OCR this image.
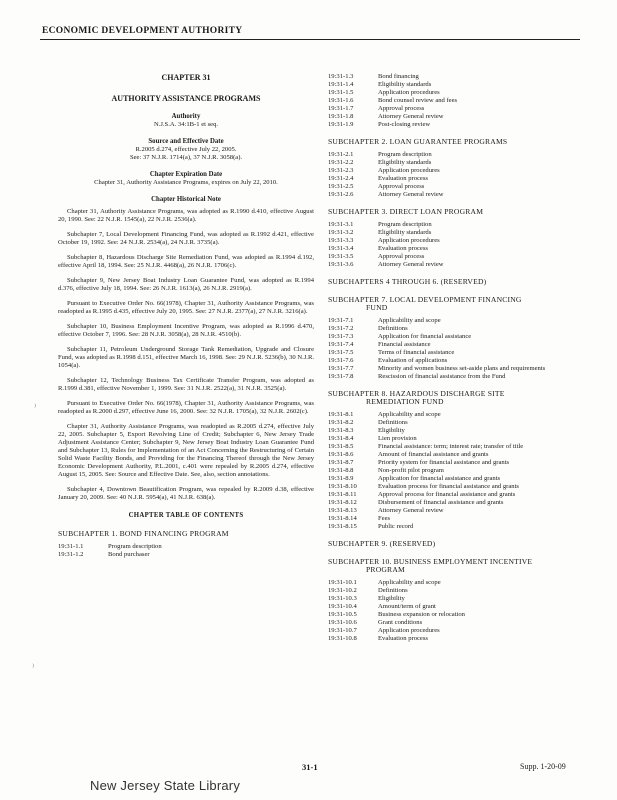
ECONOMIC DEVELOPMENT AUTHORITY
CHAPTER 31
AUTHORITY ASSISTANCE PROGRAMS
Authority
N.J.S.A. 34:1B-1 et seq.
Source and Effective Date
R.2005 d.274, effective July 22, 2005.
See: 37 N.J.R. 1714(a), 37 N.J.R. 3058(a).
Chapter Expiration Date
Chapter 31, Authority Assistance Programs, expires on July 22, 2010.
Chapter Historical Note

Chapter 31, Authority Assistance Programs, was adopted as R.1990 d.410, effective August 20, 1990. See: 22 N.J.R. 1545(a), 22 N.J.R. 2536(a).

Subchapter 7, Local Development Financing Fund, was adopted as R.1992 d.421, effective October 19, 1992. See: 24 N.J.R. 2534(a), 24 N.J.R. 3735(a).

Subchapter 8, Hazardous Discharge Site Remediation Fund, was adopted as R.1994 d.192, effective April 18, 1994. See: 25 N.J.R. 4468(a), 26 N.J.R. 1706(c).

Subchapter 9, New Jersey Boat Industry Loan Guarantee Fund, was adopted as R.1994 d.376, effective July 18, 1994. See: 26 N.J.R. 1613(a), 26 N.J.R. 2919(a).

Pursuant to Executive Order No. 66(1978), Chapter 31, Authority Assistance Programs, was readopted as R.1995 d.435, effective July 20, 1995. See: 27 N.J.R. 2377(a), 27 N.J.R. 3216(a).

Subchapter 10, Business Employment Incentive Program, was adopted as R.1996 d.470, effective October 7, 1996. See: 28 N.J.R. 3058(a), 28 N.J.R. 4510(b).

Subchapter 11, Petroleum Underground Storage Tank Remediation, Upgrade and Closure Fund, was adopted as R.1998 d.151, effective March 16, 1998. See: 29 N.J.R. 5236(b), 30 N.J.R. 1054(a).

Subchapter 12, Technology Business Tax Certificate Transfer Program, was adopted as R.1999 d.381, effective November 1, 1999. See: 31 N.J.R. 2522(a), 31 N.J.R. 3525(a).

Pursuant to Executive Order No. 66(1978), Chapter 31, Authority Assistance Programs, was readopted as R.2000 d.297, effective June 16, 2000. See: 32 N.J.R. 1705(a), 32 N.J.R. 2602(c).

Chapter 31, Authority Assistance Programs, was readopted as R.2005 d.274, effective July 22, 2005. Subchapter 5, Export Revolving Line of Credit; Subchapter 6, New Jersey Trade Adjustment Assistance Center; Subchapter 9, New Jersey Boat Industry Loan Guarantee Fund and Subchapter 13, Rules for Implementation of an Act Concerning the Restructuring of Certain Solid Waste Facility Bonds, and Providing for the Financing Thereof through the New Jersey Economic Development Authority, P.L.2001, c.401 were repealed by R.2005 d.274, effective August 15, 2005. See: Source and Effective Date. See, also, section annotations.

Subchapter 4, Downtown Beautification Program, was repealed by R.2009 d.38, effective January 20, 2009. See: 40 N.J.R. 5954(a), 41 N.J.R. 638(a).

CHAPTER TABLE OF CONTENTS
SUBCHAPTER 1. BOND FINANCING PROGRAM
19:31-1.1	Program description
19:31-1.2	Bond purchaser
19:31-1.3	Bond financing
19:31-1.4	Eligibility standards
19:31-1.5	Application procedures
19:31-1.6	Bond counsel review and fees
19:31-1.7	Approval process
19:31-1.8	Attorney General review
19:31-1.9	Post-closing review
SUBCHAPTER 2. LOAN GUARANTEE PROGRAMS
19:31-2.1	Program description
19:31-2.2	Eligibility standards
19:31-2.3	Application procedures
19:31-2.4	Evaluation process
19:31-2.5	Approval process
19:31-2.6	Attorney General review
SUBCHAPTER 3. DIRECT LOAN PROGRAM
19:31-3.1	Program description
19:31-3.2	Eligibility standards
19:31-3.3	Application procedures
19:31-3.4	Evaluation process
19:31-3.5	Approval process
19:31-3.6	Attorney General review
SUBCHAPTERS 4 THROUGH 6. (RESERVED)
SUBCHAPTER 7. LOCAL DEVELOPMENT FINANCING
FUND
19:31-7.1	Applicability and scope
19:31-7.2	Definitions
19:31-7.3	Application for financial assistance
19:31-7.4	Financial assistance
19:31-7.5	Terms of financial assistance
19:31-7.6	Evaluation of applications
19:31-7.7	Minority and women business set-aside plans and requirements
19:31-7.8	Rescission of financial assistance from the Fund
SUBCHAPTER 8. HAZARDOUS DISCHARGE SITE
REMEDIATION FUND
19:31-8.1	Applicability and scope
19:31-8.2	Definitions
19:31-8.3	Eligibility
19:31-8.4	Lien provision
19:31-8.5	Financial assistance: term; interest rate; transfer of title
19:31-8.6	Amount of financial assistance and grants
19:31-8.7	Priority system for financial assistance and grants
19:31-8.8	Non-profit pilot program
19:31-8.9	Application for financial assistance and grants
19:31-8.10	Evaluation process for financial assistance and grants
19:31-8.11	Approval process for financial assistance and grants
19:31-8.12	Disbursement of financial assistance and grants
19:31-8.13	Attorney General review
19:31-8.14	Fees
19:31-8.15	Public record
SUBCHAPTER 9. (RESERVED)
SUBCHAPTER 10. BUSINESS EMPLOYMENT INCENTIVE
PROGRAM
19:31-10.1	Applicability and scope
19:31-10.2	Definitions
19:31-10.3	Eligibility
19:31-10.4	Amount/term of grant
19:31-10.5	Business expansion or relocation
19:31-10.6	Grant conditions
19:31-10.7	Application procedures
19:31-10.8	Evaluation process
⁾
⁾
31-1	Supp. 1-20-09
New Jersey State Library
